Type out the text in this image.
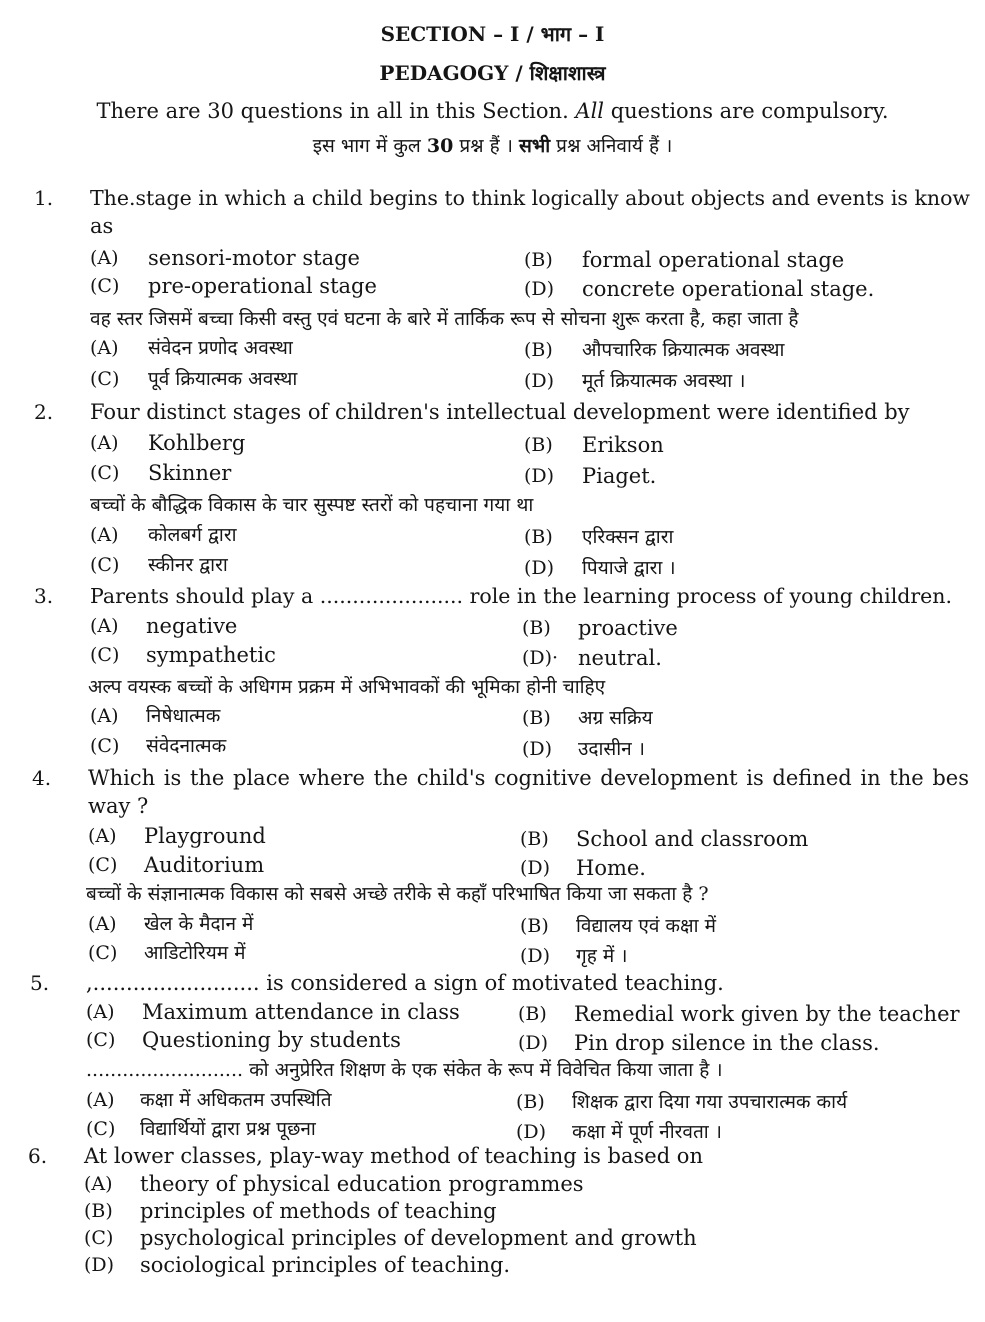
SECTION – I / भाग – I
PEDAGOGY / शिक्षाशास्त्र
There are 30 questions in all in this Section. All questions are compulsory.
इस भाग में कुल 30 प्रश्न हैं । सभी प्रश्न अनिवार्य हैं ।
1. The.stage in which a child begins to think logically about objects and events is know
as
(A) sensori-motor stage	(B) formal operational stage
(C) pre-operational stage	(D) concrete operational stage.
वह स्तर जिसमें बच्चा किसी वस्तु एवं घटना के बारे में तार्किक रूप से सोचना शुरू करता है, कहा जाता है
(A) संवेदन प्रणोद अवस्था	(B) औपचारिक क्रियात्मक अवस्था
(C) पूर्व क्रियात्मक अवस्था	(D) मूर्त क्रियात्मक अवस्था ।
2. Four distinct stages of children's intellectual development were identified by
(A) Kohlberg	(B) Erikson
(C) Skinner	(D) Piaget.
बच्चों के बौद्धिक विकास के चार सुस्पष्ट स्तरों को पहचाना गया था
(A) कोलबर्ग द्वारा	(B) एरिक्सन द्वारा
(C) स्कीनर द्वारा	(D) पियाजे द्वारा ।
3. Parents should play a ...................... role in the learning process of young children.
(A) negative	(B) proactive
(C) sympathetic	(D)· neutral.
अल्प वयस्क बच्चों के अधिगम प्रक्रम में अभिभावकों की भूमिका होनी चाहिए
(A) निषेधात्मक	(B) अग्र सक्रिय
(C) संवेदनात्मक	(D) उदासीन ।
4. Which is the place where the child's cognitive development is defined in the bes
way ?
(A) Playground	(B) School and classroom
(C) Auditorium	(D) Home.
बच्चों के संज्ञानात्मक विकास को सबसे अच्छे तरीके से कहाँ परिभाषित किया जा सकता है ?
(A) खेल के मैदान में	(B) विद्यालय एवं कक्षा में
(C) आडिटोरियम में	(D) गृह में ।
5. ,......................... is considered a sign of motivated teaching.
(A) Maximum attendance in class	(B) Remedial work given by the teacher
(C) Questioning by students	(D) Pin drop silence in the class.
.......................... को अनुप्रेरित शिक्षण के एक संकेत के रूप में विवेचित किया जाता है ।
(A) कक्षा में अधिकतम उपस्थिति	(B) शिक्षक द्वारा दिया गया उपचारात्मक कार्य
(C) विद्यार्थियों द्वारा प्रश्न पूछना	(D) कक्षा में पूर्ण नीरवता ।
6. At lower classes, play-way method of teaching is based on
(A) theory of physical education programmes
(B) principles of methods of teaching
(C) psychological principles of development and growth
(D) sociological principles of teaching.
